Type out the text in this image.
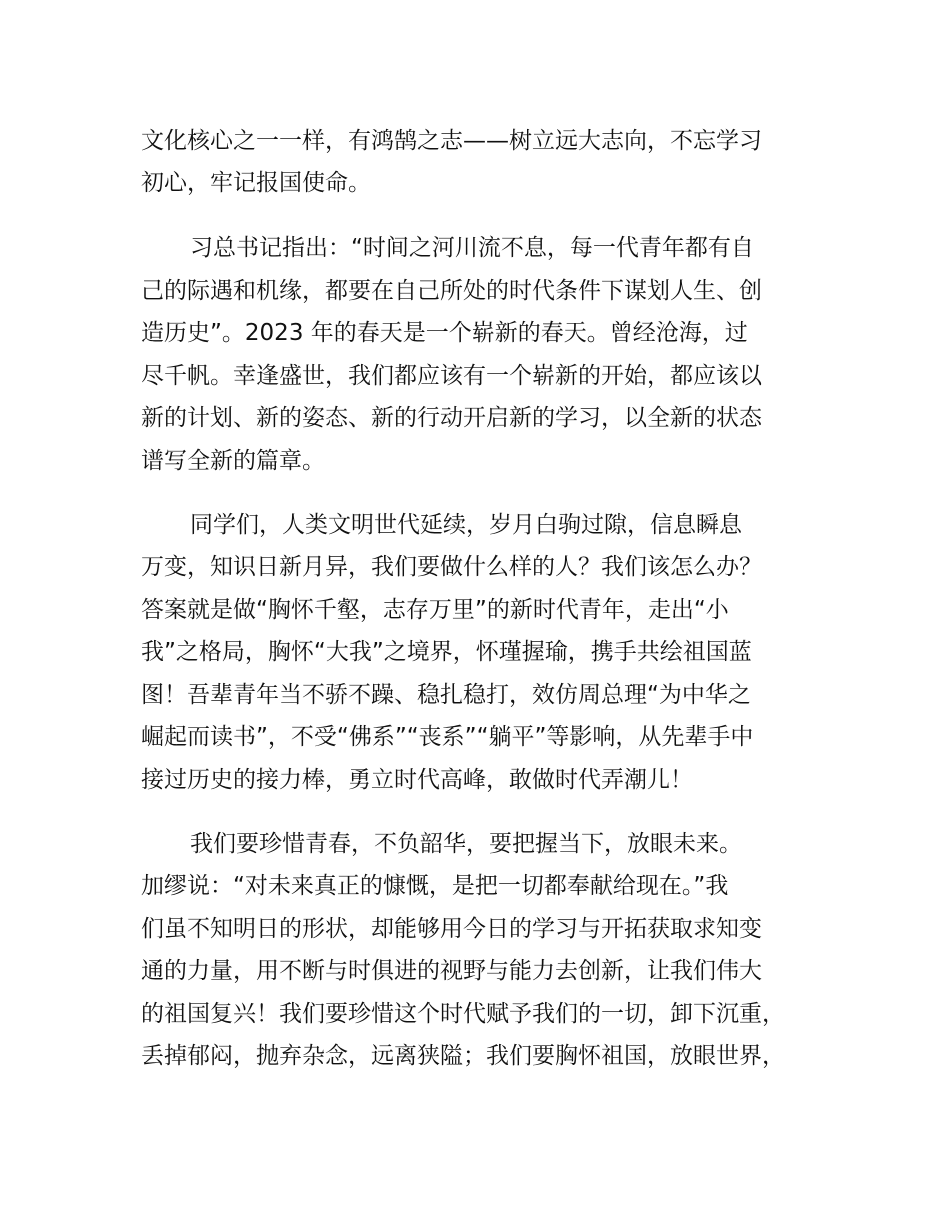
文化核心之一一样，有鸿鹄之志——树立远大志向，不忘学习
初心，牢记报国使命。
习总书记指出：“时间之河川流不息，每一代青年都有自
己的际遇和机缘，都要在自己所处的时代条件下谋划人生、创
造历史”。2023 年的春天是一个崭新的春天。曾经沧海，过
尽千帆。幸逢盛世，我们都应该有一个崭新的开始，都应该以
新的计划、新的姿态、新的行动开启新的学习，以全新的状态
谱写全新的篇章。
同学们，人类文明世代延续，岁月白驹过隙，信息瞬息
万变，知识日新月异，我们要做什么样的人？我们该怎么办？
答案就是做“胸怀千壑，志存万里”的新时代青年，走出“小
我”之格局，胸怀“大我”之境界，怀瑾握瑜，携手共绘祖国蓝
图！吾辈青年当不骄不躁、稳扎稳打，效仿周总理“为中华之
崛起而读书”，不受“佛系”“丧系”“躺平”等影响，从先辈手中
接过历史的接力棒，勇立时代高峰，敢做时代弄潮儿！
我们要珍惜青春，不负韶华，要把握当下，放眼未来。
加缪说：“对未来真正的慷慨，是把一切都奉献给现在。”我
们虽不知明日的形状，却能够用今日的学习与开拓获取求知变
通的力量，用不断与时俱进的视野与能力去创新，让我们伟大
的祖国复兴！我们要珍惜这个时代赋予我们的一切，卸下沉重，
丢掉郁闷，抛弃杂念，远离狭隘；我们要胸怀祖国，放眼世界，
